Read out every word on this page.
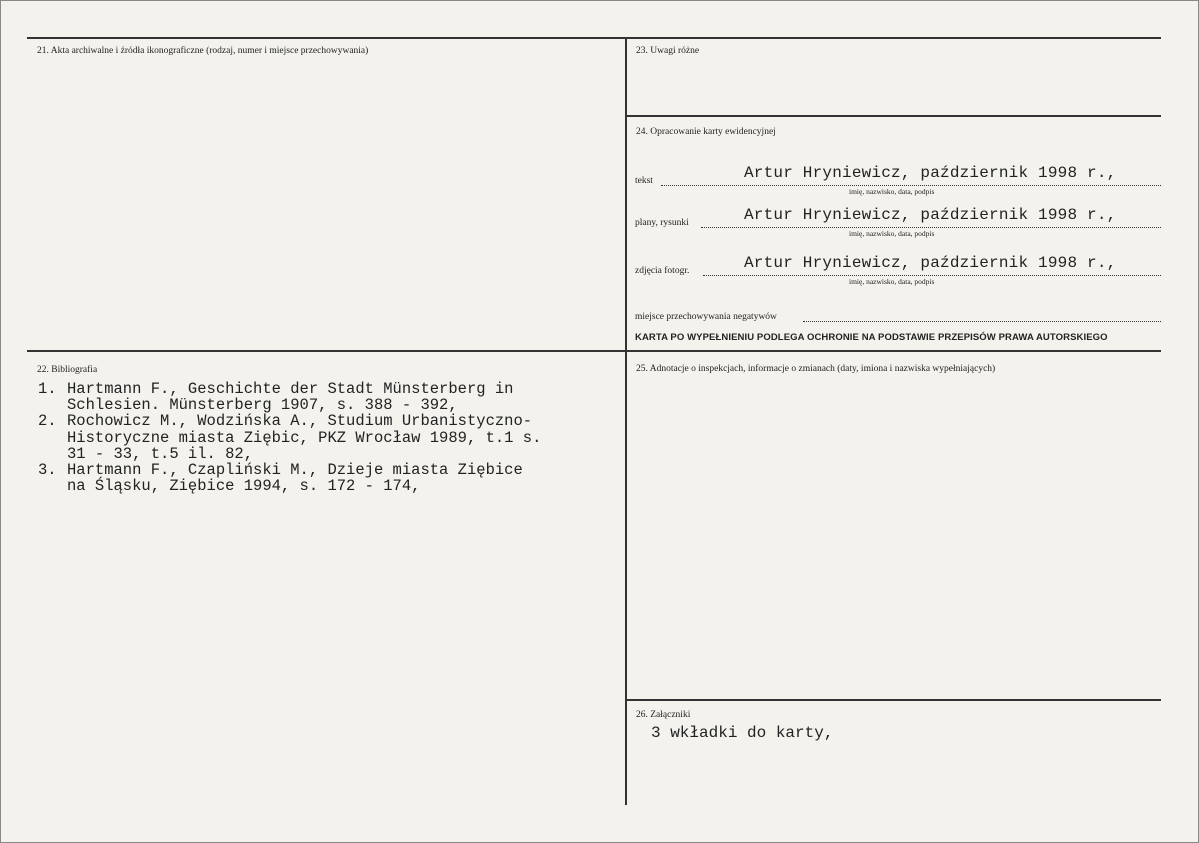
21. Akta archiwalne i źródła ikonograficzne (rodzaj, numer i miejsce przechowywania)	23. Uwagi różne
24. Opracowanie karty ewidencyjnej
tekst	Artur Hryniewicz, październik 1998 r.,
imię, nazwisko, data, podpis
plany, rysunki	Artur Hryniewicz, październik 1998 r.,
imię, nazwisko, data, podpis
zdjęcia fotogr.	Artur Hryniewicz, październik 1998 r.,
imię, nazwisko, data, podpis
miejsce przechowywania negatywów
KARTA PO WYPEŁNIENIU PODLEGA OCHRONIE NA PODSTAWIE PRZEPISÓW PRAWA AUTORSKIEGO
22. Bibliografia
1. Hartmann F., Geschichte der Stadt Münsterberg in
Schlesien. Münsterberg 1907, s. 388 - 392,
2. Rochowicz M., Wodzińska A., Studium Urbanistyczno-
Historyczne miasta Ziębic, PKZ Wrocław 1989, t.1 s.
31 - 33, t.5 il. 82,
3. Hartmann F., Czapliński M., Dzieje miasta Ziębice
na Śląsku, Ziębice 1994, s. 172 - 174,
25. Adnotacje o inspekcjach, informacje o zmianach (daty, imiona i nazwiska wypełniających)
26. Załączniki
3 wkładki do karty,
